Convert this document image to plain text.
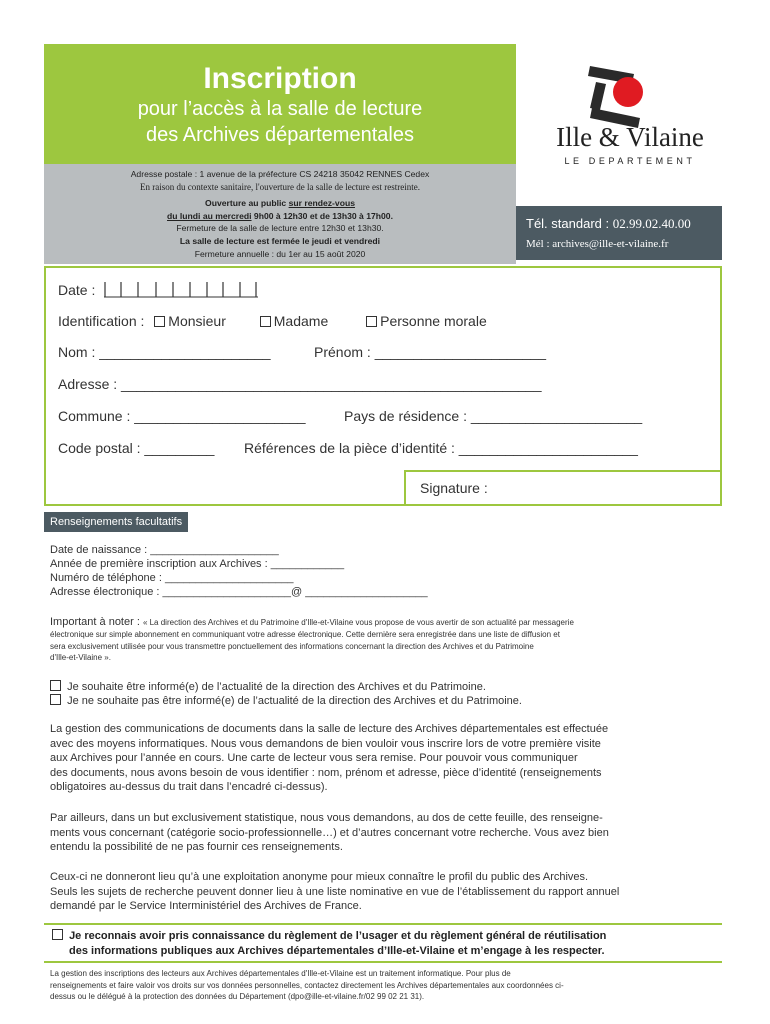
Inscription
pour l’accès à la salle de lecture
des Archives départementales
Adresse postale : 1 avenue de la préfecture CS 24218 35042 RENNES Cedex
En raison du contexte sanitaire, l'ouverture de la salle de lecture est restreinte.
Ouverture au public sur rendez-vous
du lundi au mercredi 9h00 à 12h30 et de 13h30 à 17h00.
Fermeture de la salle de lecture entre 12h30 et 13h30.
La salle de lecture est fermée le jeudi et vendredi
Fermeture annuelle : du 1er au 15 août 2020
Ille & Vilaine
LE DEPARTEMENT
Tél. standard : 02.99.02.40.00
Mél : archives@ille-et-vilaine.fr
Date :
Identification : Monsieur	Madame	Personne morale
Nom : ______________________	Prénom : ______________________
Adresse : ______________________________________________________
Commune : ______________________	Pays de résidence : ______________________
Code postal : _________ Références de la pièce d’identité : _______________________
Signature :
Renseignements facultatifs
Date de naissance : _____________________
Année de première inscription aux Archives : ____________
Numéro de téléphone : _____________________
Adresse électronique : _____________________@ ____________________
Important à noter : « La direction des Archives et du Patrimoine d'Ille-et-Vilaine vous propose de vous avertir de son actualité par messagerie
électronique sur simple abonnement en communiquant votre adresse électronique. Cette dernière sera enregistrée dans une liste de diffusion et
sera exclusivement utilisée pour vous transmettre ponctuellement des informations concernant la direction des Archives et du Patrimoine
d'Ille-et-Vilaine ».
Je souhaite être informé(e) de l’actualité de la direction des Archives et du Patrimoine.
Je ne souhaite pas être informé(e) de l’actualité de la direction des Archives et du Patrimoine.
La gestion des communications de documents dans la salle de lecture des Archives départementales est effectuée
avec des moyens informatiques. Nous vous demandons de bien vouloir vous inscrire lors de votre première visite
aux Archives pour l’année en cours. Une carte de lecteur vous sera remise. Pour pouvoir vous communiquer
des documents, nous avons besoin de vous identifier : nom, prénom et adresse, pièce d’identité (renseignements
obligatoires au-dessus du trait dans l’encadré ci-dessus).
Par ailleurs, dans un but exclusivement statistique, nous vous demandons, au dos de cette feuille, des renseigne-
ments vous concernant (catégorie socio-professionnelle…) et d’autres concernant votre recherche. Vous avez bien
entendu la possibilité de ne pas fournir ces renseignements.
Ceux-ci ne donneront lieu qu’à une exploitation anonyme pour mieux connaître le profil du public des Archives.
Seuls les sujets de recherche peuvent donner lieu à une liste nominative en vue de l’établissement du rapport annuel
demandé par le Service Interministériel des Archives de France.
Je reconnais avoir pris connaissance du règlement de l’usager et du règlement général de réutilisation
des informations publiques aux Archives départementales d’Ille-et-Vilaine et m’engage à les respecter.
La gestion des inscriptions des lecteurs aux Archives départementales d'Ille-et-Vilaine est un traitement informatique. Pour plus de
renseignements et faire valoir vos droits sur vos données personnelles, contactez directement les Archives départementales aux coordonnées ci-
dessus ou le délégué à la protection des données du Département (dpo@ille-et-vilaine.fr/02 99 02 21 31).
